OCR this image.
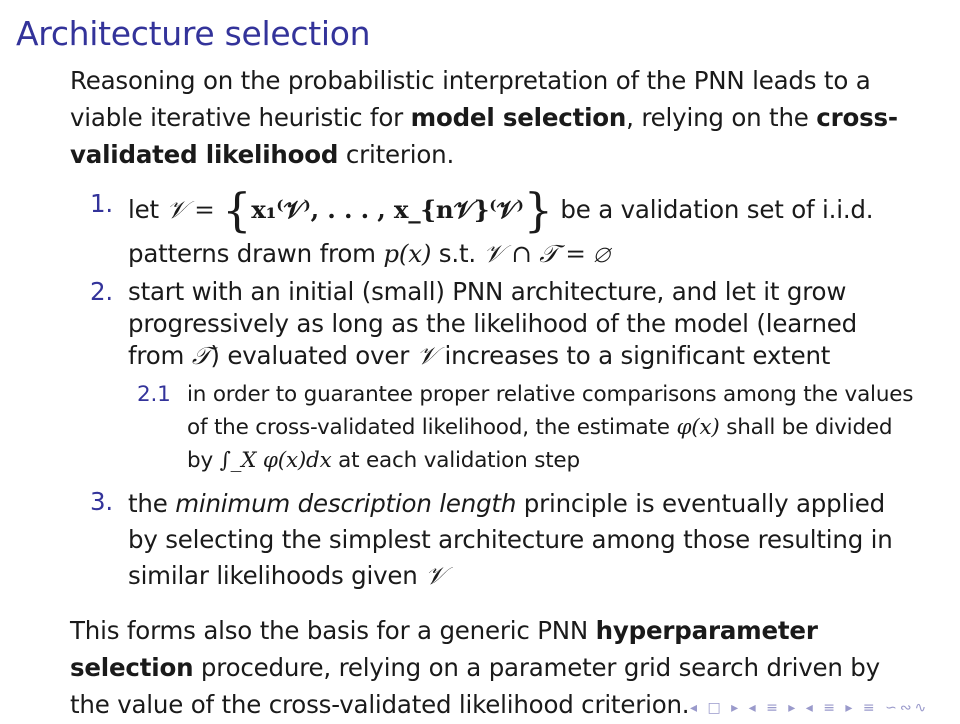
Architecture selection
Reasoning on the probabilistic interpretation of the PNN leads to a viable iterative heuristic for model selection, relying on the cross-validated likelihood criterion.
1. let 𝒱 = {x₁⁽𝒱⁾, . . . , x_{n𝒱}⁽𝒱⁾} be a validation set of i.i.d. patterns drawn from p(x) s.t. 𝒱 ∩ 𝒯 = ∅
2. start with an initial (small) PNN architecture, and let it grow progressively as long as the likelihood of the model (learned from 𝒯) evaluated over 𝒱 increases to a significant extent
2.1 in order to guarantee proper relative comparisons among the values of the cross-validated likelihood, the estimate φ(x) shall be divided by ∫_X φ(x)dx at each validation step
3. the minimum description length principle is eventually applied by selecting the simplest architecture among those resulting in similar likelihoods given 𝒱
This forms also the basis for a generic PNN hyperparameter selection procedure, relying on a parameter grid search driven by the value of the cross-validated likelihood criterion. ◂ □ ▸ ◂ ≡ ▸ ◂ ≡ ▸ ≡ ∽∾∿
